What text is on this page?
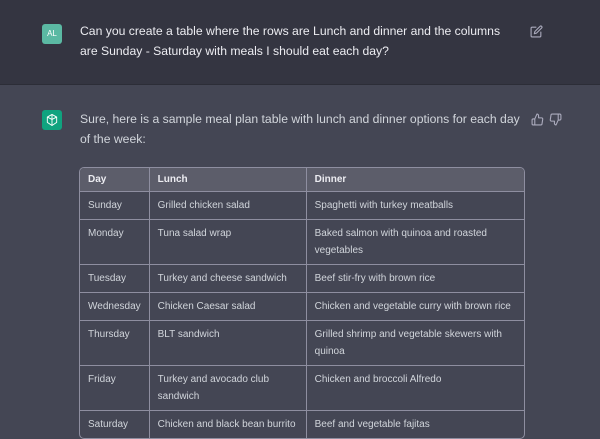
AL	Can you create a table where the rows are Lunch and dinner and the columns are Sunday - Saturday with meals I should eat each day?
Sure, here is a sample meal plan table with lunch and dinner options for each day of the week:
Day	Lunch	Dinner
Sunday	Grilled chicken salad	Spaghetti with turkey meatballs
Monday	Tuna salad wrap	Baked salmon with quinoa and roasted vegetables
Tuesday	Turkey and cheese sandwich	Beef stir-fry with brown rice
Wednesday	Chicken Caesar salad	Chicken and vegetable curry with brown rice
Thursday	BLT sandwich	Grilled shrimp and vegetable skewers with quinoa
Friday	Turkey and avocado club sandwich	Chicken and broccoli Alfredo
Saturday	Chicken and black bean burrito	Beef and vegetable fajitas
